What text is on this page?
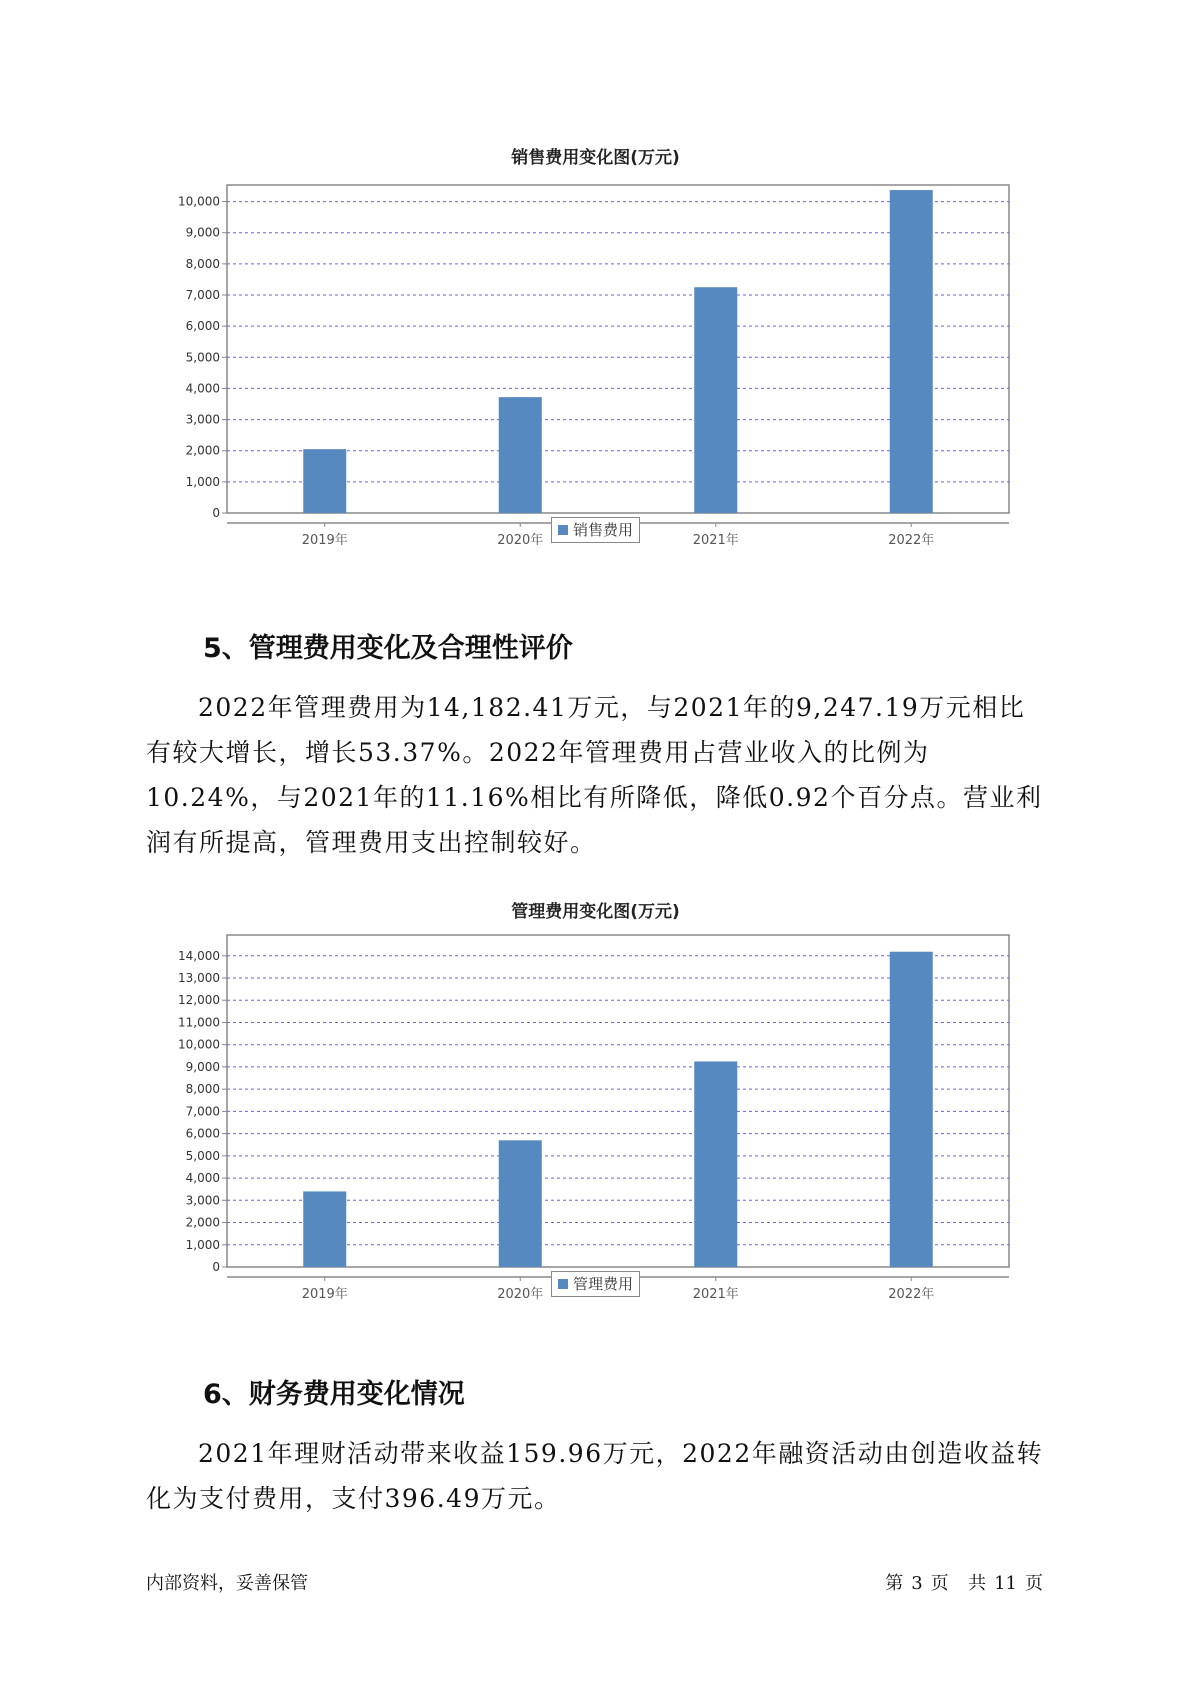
销售费用变化图(万元)
0
1,000
2,000
3,000
4,000
5,000
6,000
7,000
8,000
9,000
10,000
2019年	2020年	2021年	2022年
销售费用
5、管理费用变化及合理性评价

2022年管理费用为14,182.41万元，与2021年的9,247.19万元相比有较大增长，增长53.37%。2022年管理费用占营业收入的比例为10.24%，与2021年的11.16%相比有所降低，降低0.92个百分点。营业利润有所提高，管理费用支出控制较好。

管理费用变化图(万元)
0
1,000
2,000
3,000
4,000
5,000
6,000
7,000
8,000
9,000
10,000
11,000
12,000
13,000
14,000
2019年	2020年	2021年	2022年
管理费用
6、财务费用变化情况

2021年理财活动带来收益159.96万元，2022年融资活动由创造收益转化为支付费用，支付396.49万元。

内部资料，妥善保管	第 3 页 共 11 页
